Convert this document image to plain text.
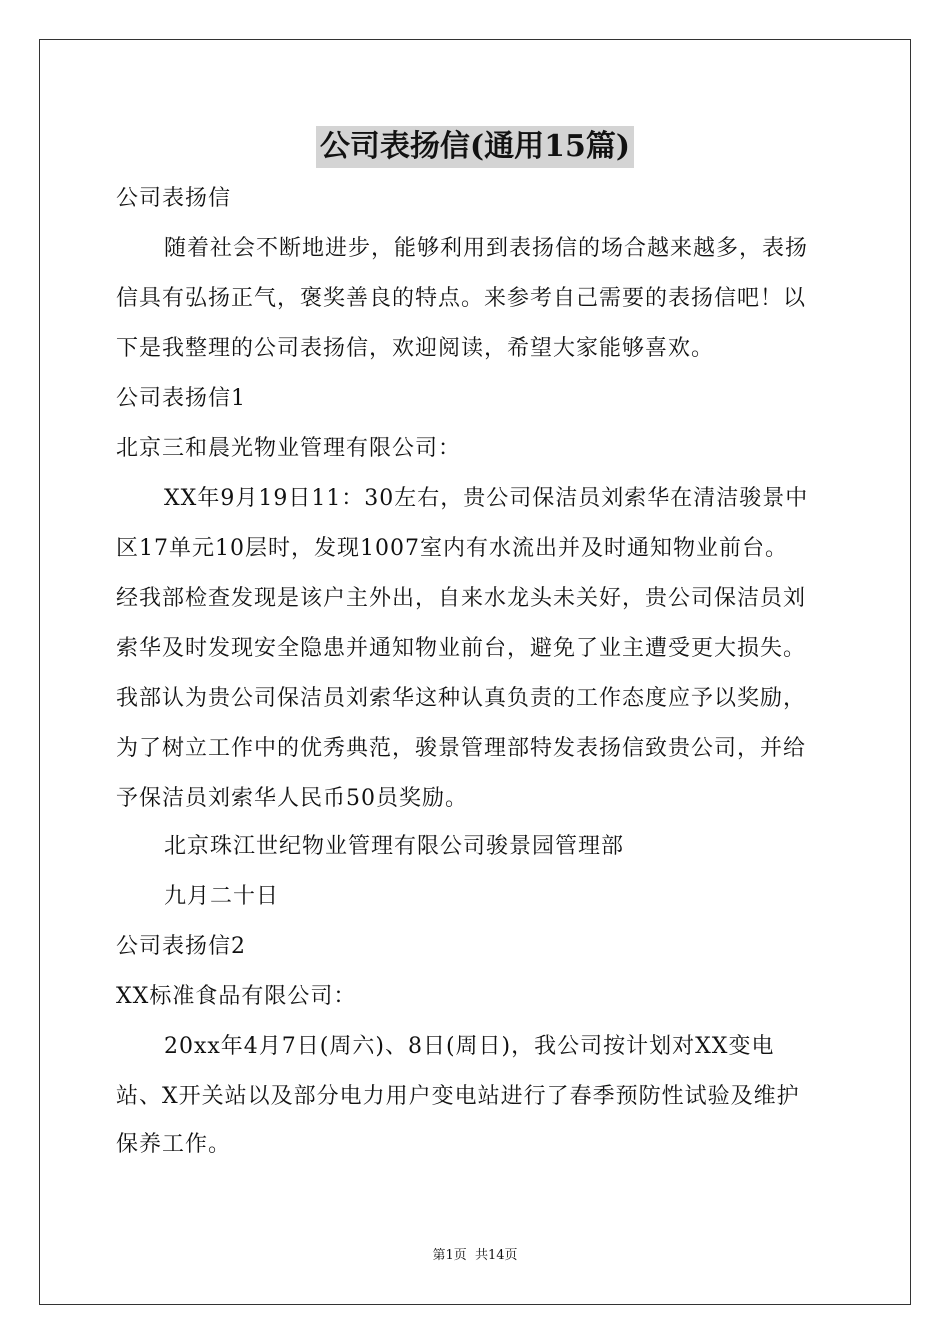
公司表扬信(通用15篇)
公司表扬信
随着社会不断地进步，能够利用到表扬信的场合越来越多，表扬
信具有弘扬正气，褒奖善良的特点。来参考自己需要的表扬信吧！以
下是我整理的公司表扬信，欢迎阅读，希望大家能够喜欢。
公司表扬信1
北京三和晨光物业管理有限公司：
XX年9月19日11：30左右，贵公司保洁员刘索华在清洁骏景中
区17单元10层时，发现1007室内有水流出并及时通知物业前台。
经我部检查发现是该户主外出，自来水龙头未关好，贵公司保洁员刘
索华及时发现安全隐患并通知物业前台，避免了业主遭受更大损失。
我部认为贵公司保洁员刘索华这种认真负责的工作态度应予以奖励，
为了树立工作中的优秀典范，骏景管理部特发表扬信致贵公司，并给
予保洁员刘索华人民币50员奖励。
北京珠江世纪物业管理有限公司骏景园管理部
九月二十日
公司表扬信2
XX标准食品有限公司：
20xx年4月7日(周六)、8日(周日)，我公司按计划对XX变电
站、X开关站以及部分电力用户变电站进行了春季预防性试验及维护
保养工作。
第1页 共14页
